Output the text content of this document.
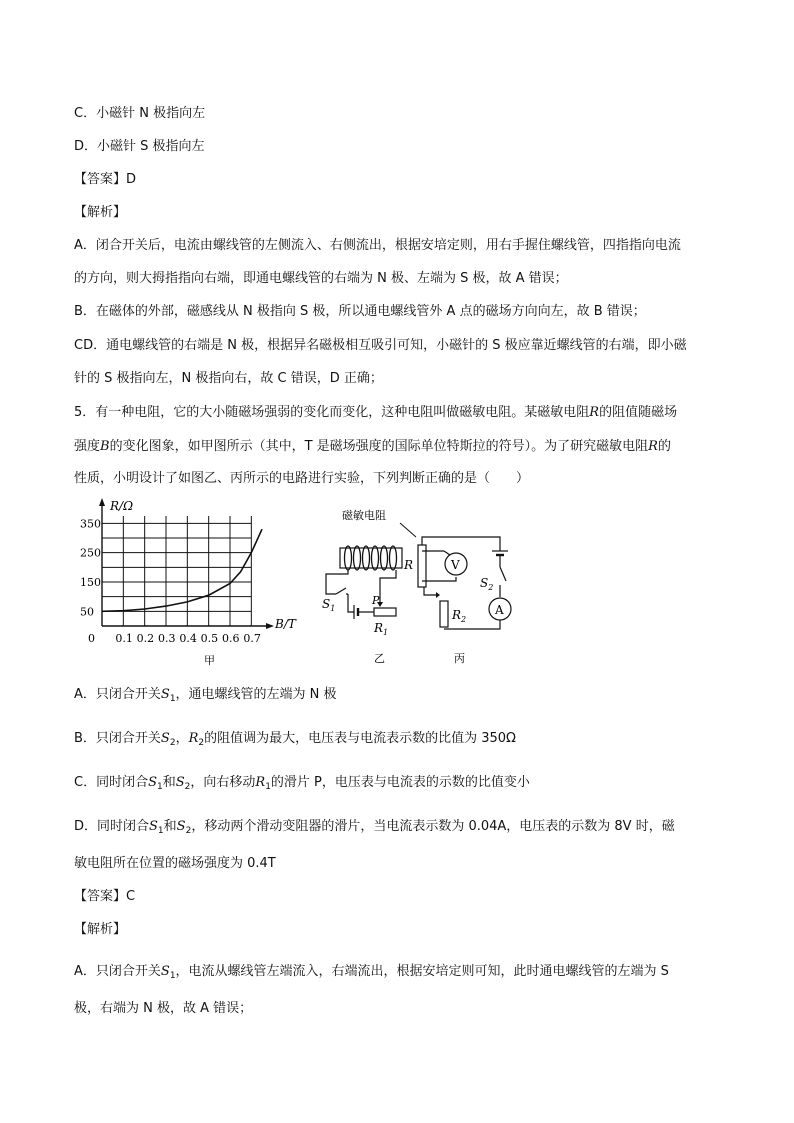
C．小磁针 N 极指向左
D．小磁针 S 极指向左
【答案】D
【解析】
A．闭合开关后，电流由螺线管的左侧流入、右侧流出，根据安培定则，用右手握住螺线管，四指指向电流
的方向，则大拇指指向右端，即通电螺线管的右端为 N 极、左端为 S 极，故 A 错误；
B．在磁体的外部，磁感线从 N 极指向 S 极，所以通电螺线管外 A 点的磁场方向向左，故 B 错误；
CD．通电螺线管的右端是 N 极，根据异名磁极相互吸引可知，小磁针的 S 极应靠近螺线管的右端，即小磁
针的 S 极指向左，N 极指向右，故 C 错误，D 正确；
5．有一种电阻，它的大小随磁场强弱的变化而变化，这种电阻叫做磁敏电阻。某磁敏电阻R的阻值随磁场
强度B的变化图象，如甲图所示（其中，T 是磁场强度的国际单位特斯拉的符号）。为了研究磁敏电阻R的
性质，小明设计了如图乙、丙所示的电路进行实验，下列判断正确的是（　　）
0.1 0.2 0.3 0.4 0.5 0.6 0.7
350
250
150
50
R/Ω
B/T
0
甲
$S_1$
P
$R_1$
乙
磁敏电阻
A
V
R
$S_2$
$R_2$
丙
A．只闭合开关$S_1$，通电螺线管的左端为 N 极
B．只闭合开关$S_2$，$R_2$的阻值调为最大，电压表与电流表示数的比值为 350Ω
C．同时闭合$S_1$和$S_2$，向右移动$R_1$的滑片 P，电压表与电流表的示数的比值变小
D．同时闭合$S_1$和$S_2$，移动两个滑动变阻器的滑片，当电流表示数为 0.04A，电压表的示数为 8V 时，磁
敏电阻所在位置的磁场强度为 0.4T
【答案】C
【解析】
A．只闭合开关$S_1$，电流从螺线管左端流入，右端流出，根据安培定则可知，此时通电螺线管的左端为 S
极，右端为 N 极，故 A 错误；
